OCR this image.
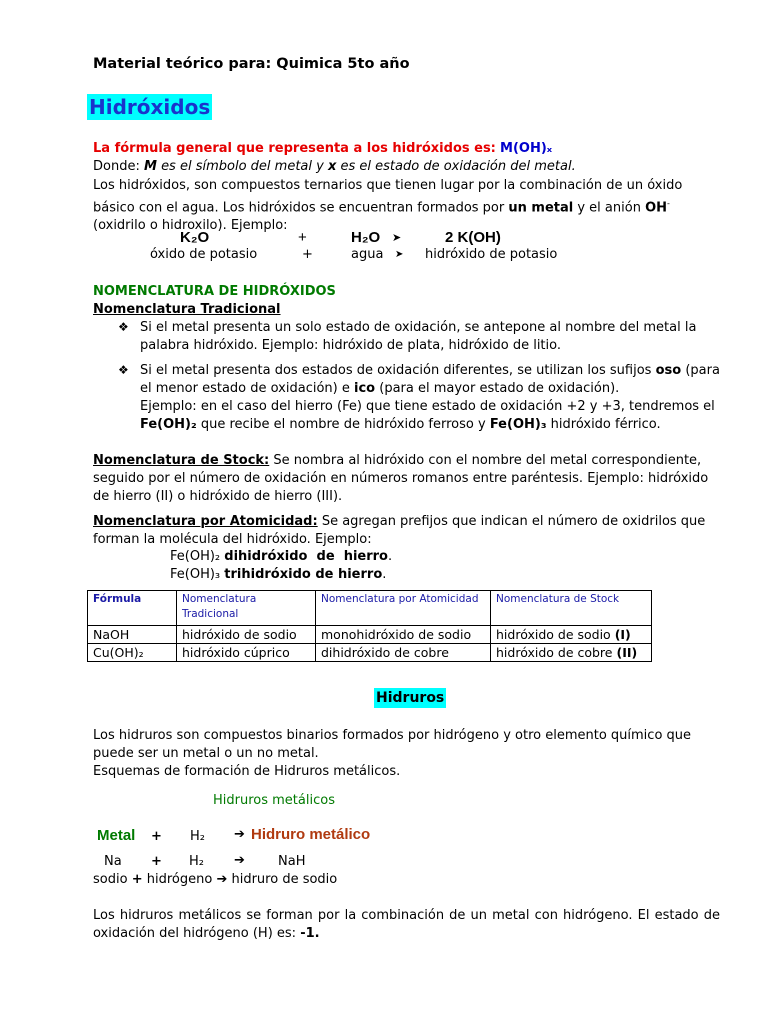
Material teórico para: Quimica 5to año
Hidróxidos
La fórmula general que representa a los hidróxidos es: M(OH)ₓ
Donde: M es el símbolo del metal y x es el estado de oxidación del metal.
Los hidróxidos, son compuestos ternarios que tienen lugar por la combinación de un óxido básico con el agua. Los hidróxidos se encuentran formados por un metal y el anión OH- (oxidrilo o hidroxilo). Ejemplo:
K₂O	+	H₂O ➤	2 K(OH)
óxido de potasio	+	agua ➤ hidróxido de potasio
NOMENCLATURA DE HIDRÓXIDOS
Nomenclatura Tradicional
❖ Si el metal presenta un solo estado de oxidación, se antepone al nombre del metal la palabra hidróxido. Ejemplo: hidróxido de plata, hidróxido de litio.
❖ Si el metal presenta dos estados de oxidación diferentes, se utilizan los sufijos oso (para el menor estado de oxidación) e ico (para el mayor estado de oxidación).
Ejemplo: en el caso del hierro (Fe) que tiene estado de oxidación +2 y +3, tendremos el Fe(OH)₂ que recibe el nombre de hidróxido ferroso y Fe(OH)₃ hidróxido férrico.
Nomenclatura de Stock: Se nombra al hidróxido con el nombre del metal correspondiente, seguido por el número de oxidación en números romanos entre paréntesis. Ejemplo: hidróxido de hierro (II) o hidróxido de hierro (III).
Nomenclatura por Atomicidad: Se agregan prefijos que indican el número de oxidrilos que forman la molécula del hidróxido. Ejemplo:
Fe(OH)₂ dihidróxido  de  hierro.
Fe(OH)₃ trihidróxido de hierro.
Fórmula	Nomenclatura Tradicional	Nomenclatura por Atomicidad	Nomenclatura de Stock
NaOH	hidróxido de sodio	monohidróxido de sodio	hidróxido de sodio (I)
Cu(OH)₂	hidróxido cúprico	dihidróxido de cobre	hidróxido de cobre (II)
Hidruros
Los hidruros son compuestos binarios formados por hidrógeno y otro elemento químico que puede ser un metal o un no metal.
Esquemas de formación de Hidruros metálicos.
Hidruros metálicos
Metal + H₂ ➔ Hidruro metálico
Na + H₂ ➔	NaH
sodio + hidrógeno ➔ hidruro de sodio
Los hidruros metálicos se forman por la combinación de un metal con hidrógeno. El estado de oxidación del hidrógeno (H) es: -1.
